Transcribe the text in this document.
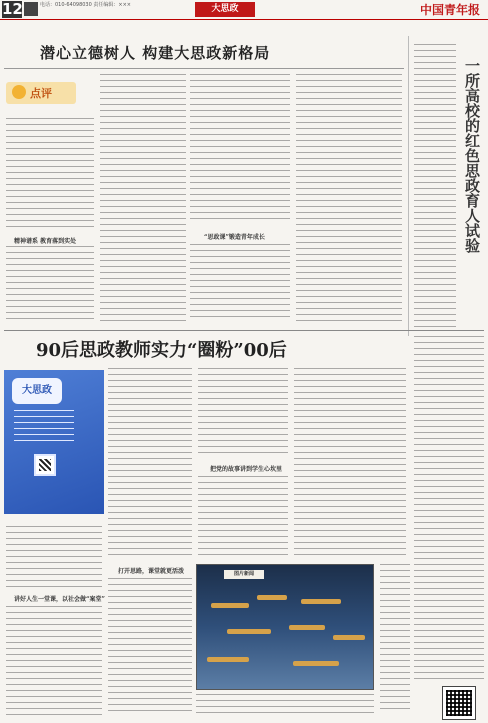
12	电话：010-64098030 责任编辑：×××	大思政	中国青年报
潜心立德树人 构建大思政新格局
点评
精神谱系 教育落到实处
“思政课”锻造青年成长	一所高校的红色思政育人试验
90后思政教师实力“圈粉”00后
大思政
讲好人生一堂课，以社会做“案堂”
打开思路，课堂就更活泼
把党的故事讲到学生心坎里
图片新闻
